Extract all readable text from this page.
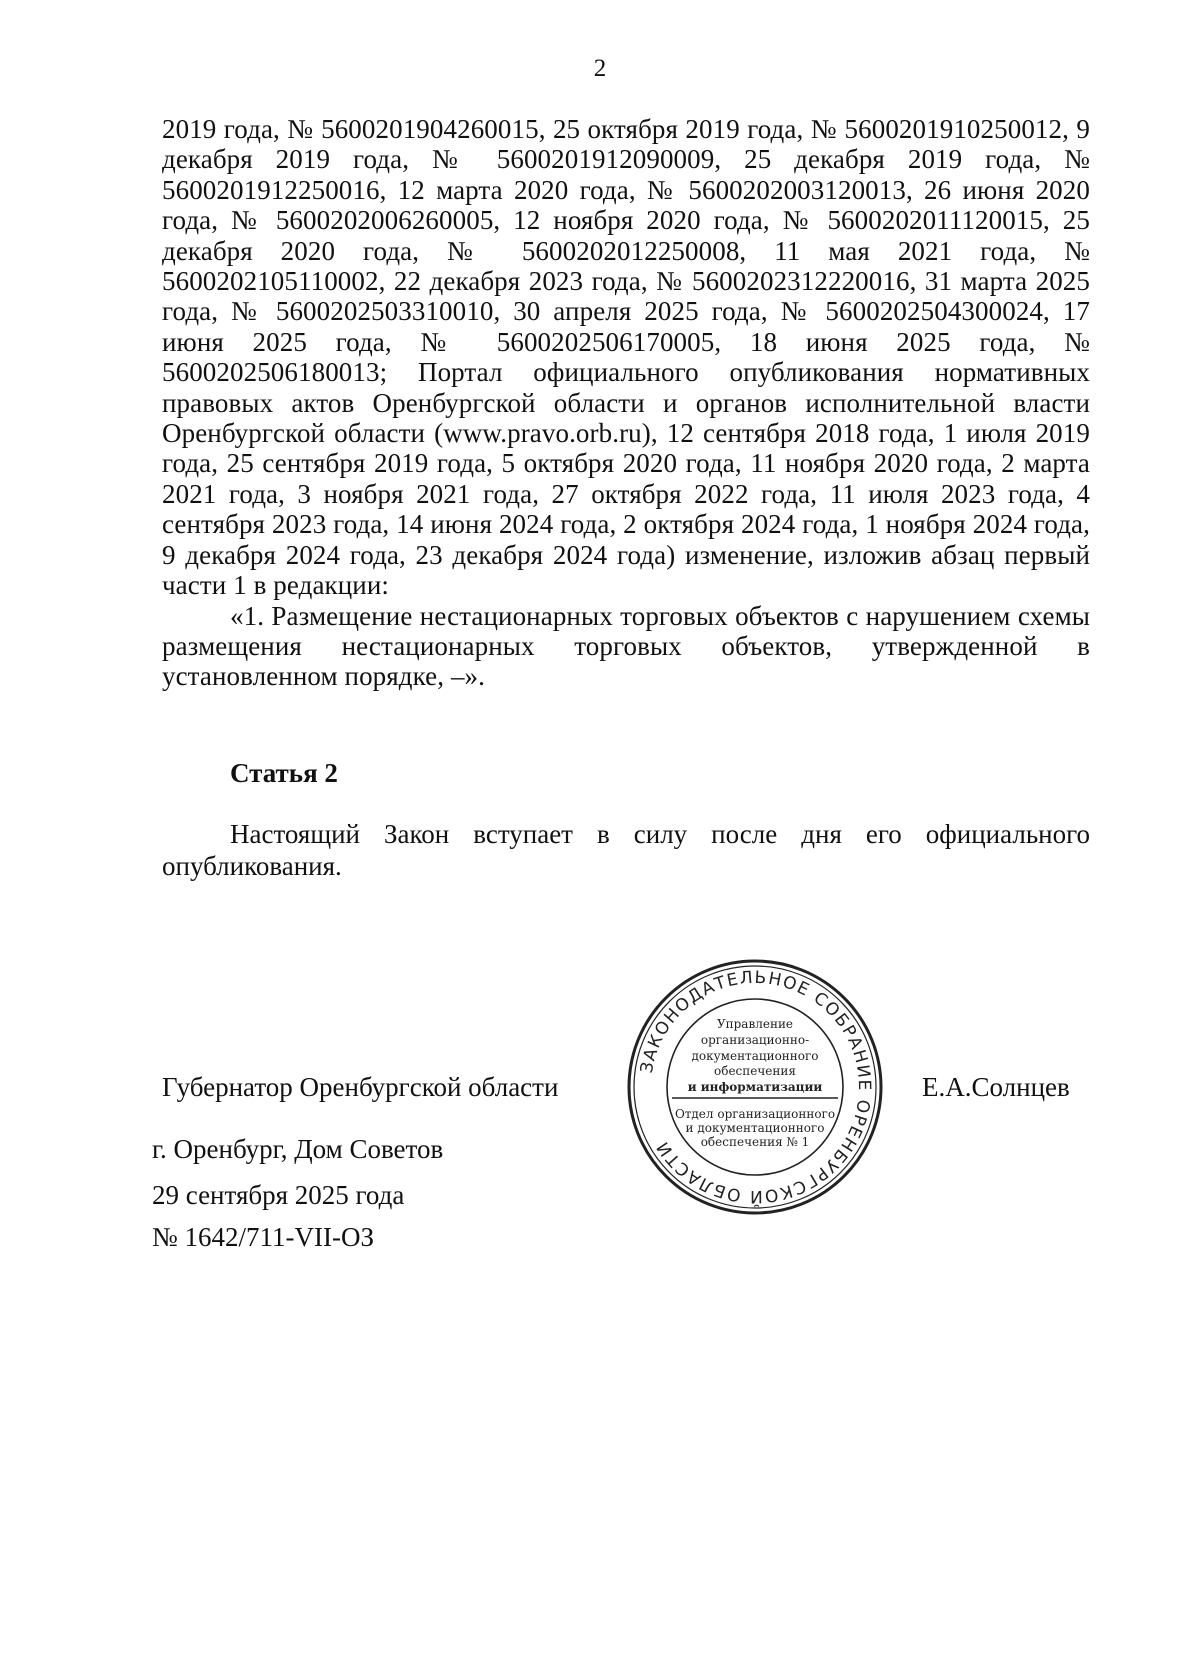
2

2019 года, № 5600201904260015, 25 октября 2019 года, № 5600201910250012, 9 декабря 2019 года, № 5600201912090009, 25 декабря 2019 года, № 5600201912250016, 12 марта 2020 года, № 5600202003120013, 26 июня 2020 года, № 5600202006260005, 12 ноября 2020 года, № 5600202011120015, 25 декабря 2020 года, № 5600202012250008, 11 мая 2021 года, № 5600202105110002, 22 декабря 2023 года, № 5600202312220016, 31 марта 2025 года, № 5600202503310010, 30 апреля 2025 года, № 5600202504300024, 17 июня 2025 года, № 5600202506170005, 18 июня 2025 года, № 5600202506180013; Портал официального опубликования нормативных правовых актов Оренбургской области и органов исполнительной власти Оренбургской области (www.pravo.orb.ru), 12 сентября 2018 года, 1 июля 2019 года, 25 сентября 2019 года, 5 октября 2020 года, 11 ноября 2020 года, 2 марта 2021 года, 3 ноября 2021 года, 27 октября 2022 года, 11 июля 2023 года, 4 сентября 2023 года, 14 июня 2024 года, 2 октября 2024 года, 1 ноября 2024 года, 9 декабря 2024 года, 23 декабря 2024 года) изменение, изложив абзац первый части 1 в редакции:

«1. Размещение нестационарных торговых объектов с нарушением схемы размещения нестационарных торговых объектов, утвержденной в установленном порядке, –».

Статья 2
Настоящий Закон вступает в силу после дня его официального опубликования.
Губернатор Оренбургской области	Е.А.Солнцев
г. Оренбург, Дом Советов
29 сентября 2025 года
№ 1642/711-VII-ОЗ
ЗАКОНОДАТЕЛЬНОЕ СОБРАНИЕ ОРЕНБУРГСКОЙ ОБЛАСТИ
Управление
организационно-
документационного
обеспечения
и информатизации
Отдел организационного
и документационного
обеспечения № 1
